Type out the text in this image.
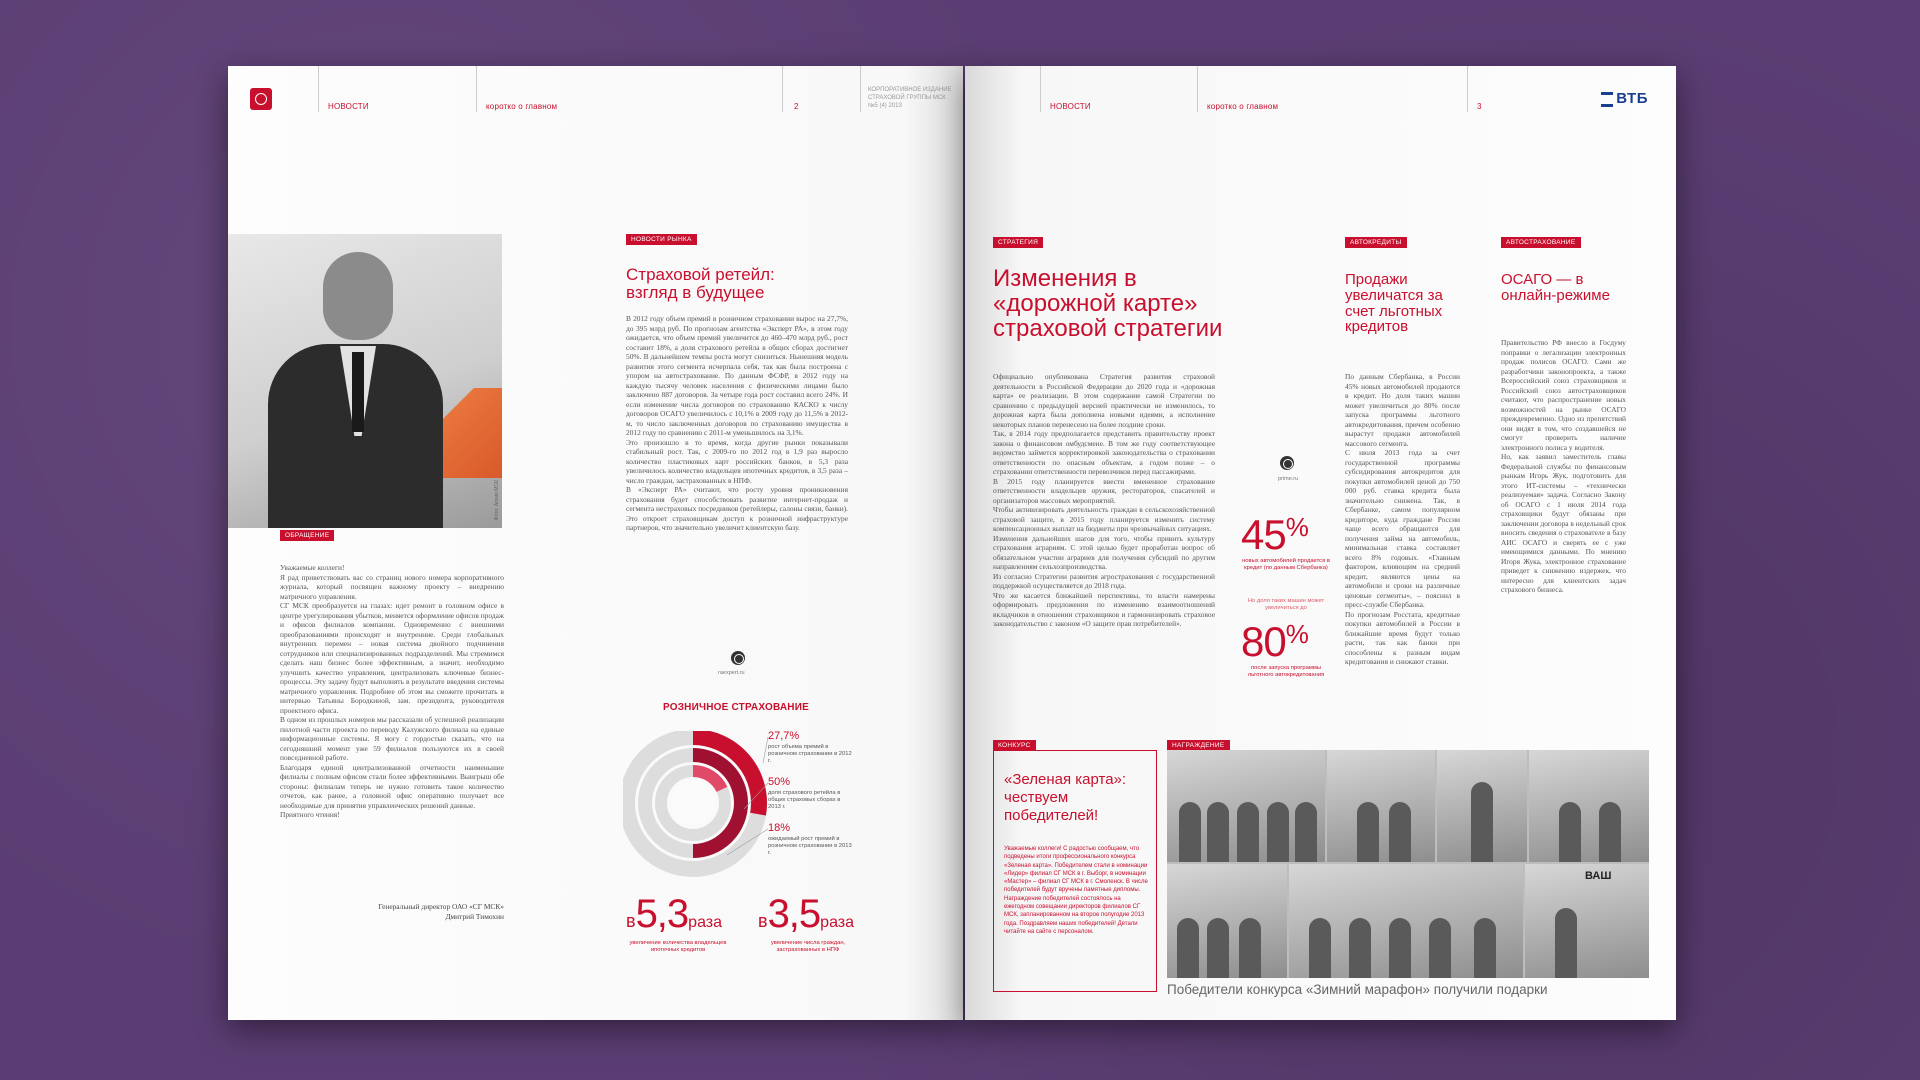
НОВОСТИ	коротко о главном	2
КОРПОРАТИВНОЕ ИЗДАНИЕ
СТРАХОВОЙ ГРУППЫ МСК
№5 (4) 2013
Фото: Архив МСК
ОБРАЩЕНИЕ
Уважаемые коллеги!
Я рад приветствовать вас со страниц нового номера корпоративного журнала, который посвящен важному проекту – внедрению матричного управления.
СГ МСК преобразуется на глазах: идет ремонт в головном офисе в центре урегулирования убытков, меняется оформление офисов продаж и офисов филиалов компании. Одновременно с внешними преобразованиями происходят и внутренние. Среди глобальных внутренних перемен – новая система двойного подчинения сотрудников или специализированных подразделений. Мы стремимся сделать наш бизнес более эффективным, а значит, необходимо улучшить качество управления, централизовать ключевые бизнес-процессы. Эту задачу будут выполнять в результате введения системы матричного управления. Подробнее об этом вы сможете прочитать в интервью Татьяны Бородкиной, зам. президента, руководителя проектного офиса.
В одном из прошлых номеров мы рассказали об успешной реализации пилотной части проекта по переводу Калужского филиала на единые информационные системы. Я могу с гордостью сказать, что на сегодняшний момент уже 59 филиалов пользуются их в своей повседневной работе.
Благодаря единой централизованной отчетности наименьшие филиалы с полным офисом стали более эффективными. Выигрыш обе стороны: филиалам теперь не нужно готовить такое количество отчетов, как ранее, а головной офис оперативно получает все необходимые для принятия управленческих решений данные.
Приятного чтения!
Генеральный директор ОАО «СГ МСК»
Дмитрий Тимохин
НОВОСТИ РЫНКА
Страховой ретейл: взгляд в будущее
В 2012 году объем премий в розничном страховании вырос на 27,7%, до 395 млрд руб. По прогнозам агентства «Эксперт РА», в этом году ожидается, что объем премий увеличится до 460–470 млрд руб., рост составит 18%, а доля страхового ретейла в общих сборах достигнет 50%. В дальнейшем темпы роста могут снизиться. Нынешняя модель развития этого сегмента исчерпала себя, так как была построена с упором на автострахование. По данным ФСФР, в 2012 году на каждую тысячу человек населения с физическими лицами было заключено 887 договоров. За четыре года рост составил всего 24%. И если изменение числа договоров по страхованию КАСКО к числу договоров ОСАГО увеличилось с 10,1% в 2009 году до 11,5% в 2012-м, то число заключенных договоров по страхованию имущества в 2012 году по сравнению с 2011-м уменьшилось на 3,1%.
Это произошло в то время, когда другие рынки показывали стабильный рост. Так, с 2009-го по 2012 год в 1,9 раз выросло количество пластиковых карт российских банков, в 5,3 раза увеличилось количество владельцев ипотечных кредитов, в 3,5 раза – число граждан, застрахованных в НПФ.
В «Эксперт РА» считают, что росту уровня проникновения страхования будет способствовать развитие интернет-продаж и сегмента нестраховых посредников (ретейлеры, салоны связи, банки). Это откроет страховщикам доступ к розничной инфраструктуре партнеров, что значительно увеличит клиентскую базу.
raexpert.ru
РОЗНИЧНОЕ СТРАХОВАНИЕ
27,7%
рост объема премий в розничном страховании в 2012 г.
50%
доля страхового ретейла в общих страховых сборах в 2013 г.
18%
ожидаемый рост премий в розничном страховании в 2013 г.
в5,3раза
увеличение количества владельцев ипотечных кредитов
в3,5раза
увеличение числа граждан, застрахованных в НПФ
НОВОСТИ	коротко о главном	3	ВТБ
СТРАТЕГИЯ
Изменения в «дорожной карте» страховой стратегии
Официально опубликована Стратегия развития страховой деятельности в Российской Федерации до 2020 года и «дорожная карта» ее реализации. В этом содержание самой Стратегии по сравнению с предыдущей версией практически не изменилось, то дорожная карта была дополнена новыми идеями, а исполнение некоторых планов перенесено на более поздние сроки.
Так, в 2014 году предполагается представить правительству проект закона о финансовом омбудсмене. В том же году соответствующее ведомство займется корректировкой законодательства о страховании ответственности по опасным объектам, а годом позже – о страховании ответственности перевозчиков перед пассажирами.
В 2015 году планируется ввести вмененное страхование ответственности владельцев оружия, рестораторов, спасателей и организаторов массовых мероприятий.
Чтобы активизировать деятельность граждан в сельскохозяйственной страховой защите, в 2015 году планируется изменить систему компенсационных выплат на бюджеты при чрезвычайных ситуациях.
Изменения дальнейших шагов для того, чтобы привить культуру страхования аграриям. С этой целью будет проработан вопрос об обязательном участии аграриев для получения субсидий по другим направлениям сельхозпроизводства.
Из согласно Стратегии развития агрострахования с государственной поддержкой осуществляется до 2018 года.
Что же касается ближайшей перспективы, то власти намерены оформировать предложения по изменению взаимоотношений вкладчиков в отношении страховщиков и гармонизировать страховое законодательство с законом «О защите прав потребителей».
prime.ru
45%
новых автомобилей продается в кредит (по данным Сбербанка)
Но доля таких машин может увеличиться до
80%
после запуска программы льготного автокредитования
АВТОКРЕДИТЫ
Продажи увеличатся за счет льготных кредитов
По данным Сбербанка, в России 45% новых автомобилей продаются в кредит. Но доля таких машин может увеличиться до 80% после запуска программы льготного автокредитования, причем особенно вырастут продажи автомобилей массового сегмента.
С июля 2013 года за счет государственной программы субсидирования автокредитов для покупки автомобилей ценой до 750 000 руб. ставка кредита была значительно снижена. Так, в Сбербанке, самом популярном кредиторе, куда граждане России чаще всего обращаются для получения займа на автомобиль, минимальная ставка составляет всего 8% годовых. «Главным фактором, влияющим на средний кредит, являются цены на автомобили и сроки на различные ценовые сегменты», – пояснил в пресс-службе Сбербанка.
По прогнозам Росстата, кредитные покупки автомобилей в России в ближайшие время будут только расти, так как банки при способлены к разным видам кредитования и снижают ставки.
АВТОСТРАХОВАНИЕ
ОСАГО — в онлайн-режиме
Правительство РФ внесло в Госдуму поправки о легализации электронных продаж полисов ОСАГО. Сами же разработчики законопроекта, а также Всероссийский союз страховщиков и Российский союз автостраховщиков считают, что распространение новых возможностей на рынке ОСАГО преждевременно. Одно из препятствий они видят в том, что создавшейся не смогут проверить наличие электронного полиса у водителя.
Но, как заявил заместитель главы Федеральной службы по финансовым рынкам Игорь Жук, подготовить для этого ИТ-системы – «технически реализуемая» задача. Согласно Закону об ОСАГО с 1 июля 2014 года страховщики будут обязаны при заключении договора в недельный срок вносить сведения о страхователе в базу АИС ОСАГО и сверять ее с уже имеющимися данными. По мнению Игоря Жука, электронное страхование приведет к снижению издержек, что интересно для клиентских задач страхового бизнеса.
КОНКУРС
«Зеленая карта»: чествуем победителей!
Уважаемые коллеги! С радостью сообщаем, что подведены итоги профессионального конкурса «Зеленая карта». Победителем стали в номинации «Лидер» филиал СГ МСК в г. Выборг, в номинации «Мастер» – филиал СГ МСК в г. Смоленск. В числе победителей будут вручены памятные дипломы. Награждение победителей состоялось на ежегодном совещании директоров филиалов СГ МСК, запланированном на второе полугодие 2013 года. Поздравляем наших победителей! Детали читайте на сайте с персоналом.
НАГРАЖДЕНИЕ
ВАШ
Победители конкурса «Зимний марафон» получили подарки
